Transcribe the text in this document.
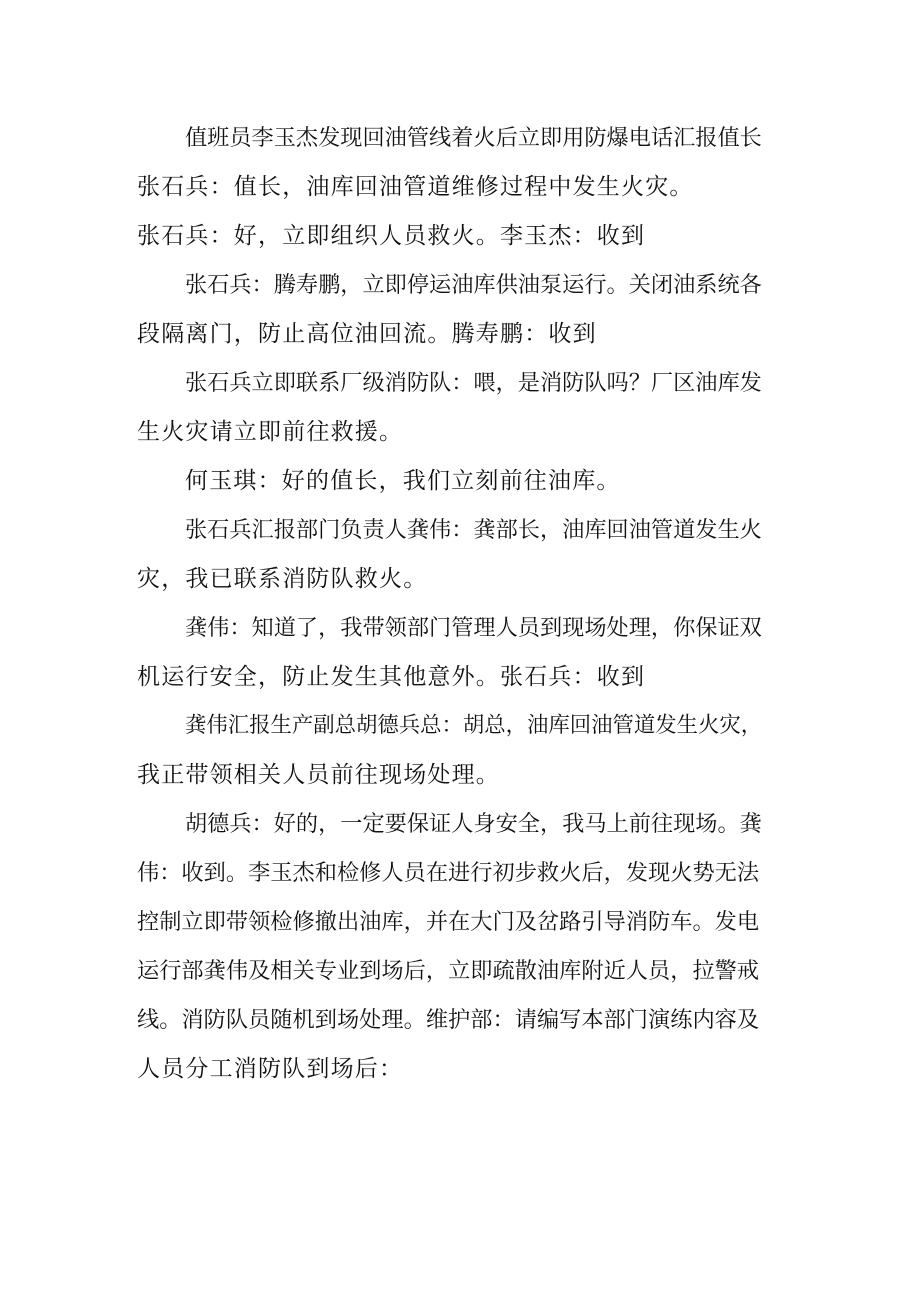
值班员李玉杰发现回油管线着火后立即用防爆电话汇报值长
张石兵：值长，油库回油管道维修过程中发生火灾。
张石兵：好，立即组织人员救火。李玉杰：收到
张石兵：腾寿鹏，立即停运油库供油泵运行。关闭油系统各
段隔离门，防止高位油回流。腾寿鹏：收到
张石兵立即联系厂级消防队：喂，是消防队吗？厂区油库发
生火灾请立即前往救援。
何玉琪：好的值长，我们立刻前往油库。
张石兵汇报部门负责人龚伟：龚部长，油库回油管道发生火
灾，我已联系消防队救火。
龚伟：知道了，我带领部门管理人员到现场处理，你保证双
机运行安全，防止发生其他意外。张石兵：收到
龚伟汇报生产副总胡德兵总：胡总，油库回油管道发生火灾，
我正带领相关人员前往现场处理。
胡德兵：好的，一定要保证人身安全，我马上前往现场。龚
伟：收到。李玉杰和检修人员在进行初步救火后，发现火势无法
控制立即带领检修撤出油库，并在大门及岔路引导消防车。发电
运行部龚伟及相关专业到场后，立即疏散油库附近人员，拉警戒
线。消防队员随机到场处理。维护部：请编写本部门演练内容及
人员分工消防队到场后：
